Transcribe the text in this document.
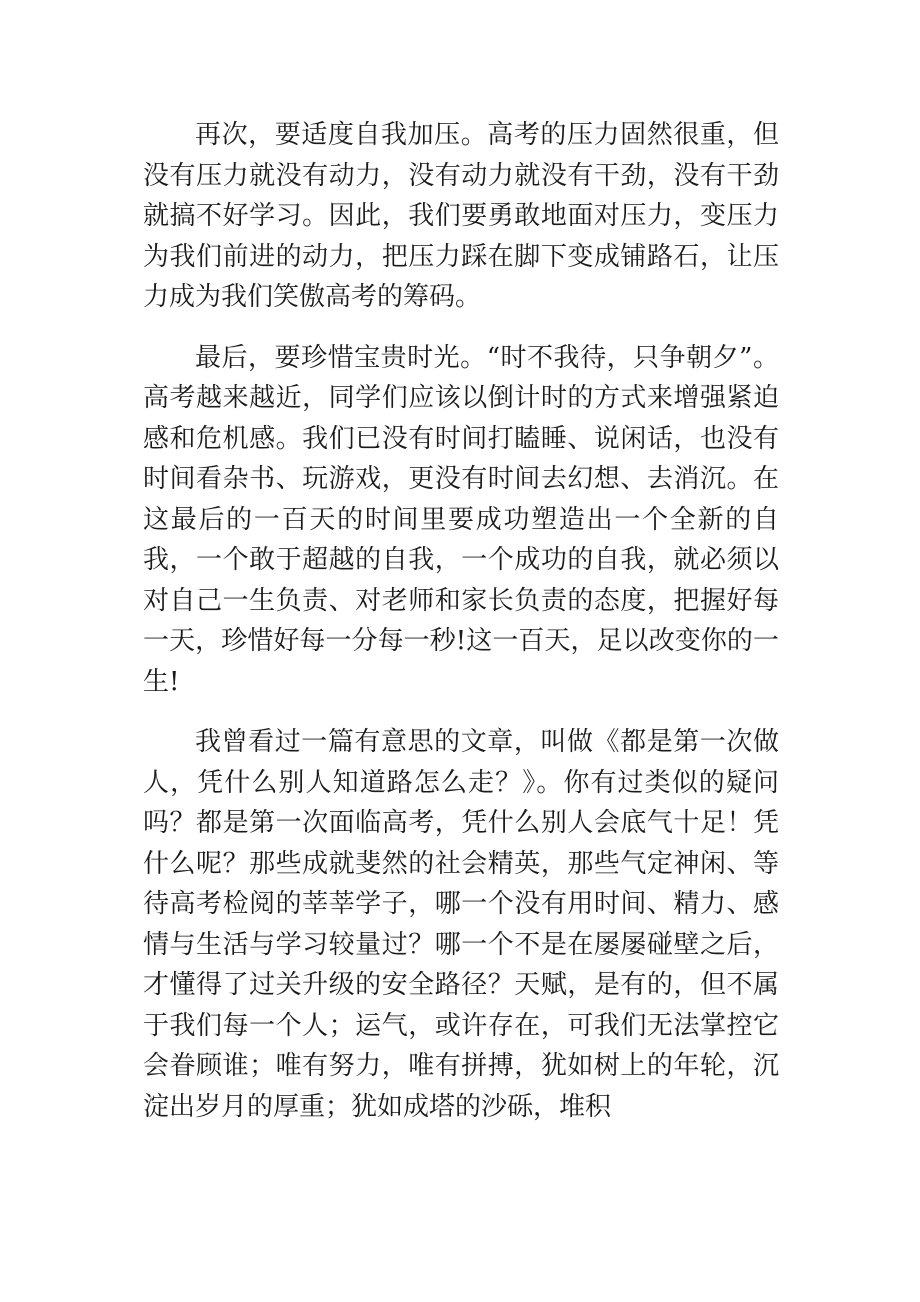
再次，要适度自我加压。高考的压力固然很重，但没有压力就没有动力，没有动力就没有干劲，没有干劲就搞不好学习。因此，我们要勇敢地面对压力，变压力为我们前进的动力，把压力踩在脚下变成铺路石，让压力成为我们笑傲高考的筹码。

最后，要珍惜宝贵时光。“时不我待，只争朝夕”。高考越来越近，同学们应该以倒计时的方式来增强紧迫感和危机感。我们已没有时间打瞌睡、说闲话，也没有时间看杂书、玩游戏，更没有时间去幻想、去消沉。在这最后的一百天的时间里要成功塑造出一个全新的自我，一个敢于超越的自我，一个成功的自我，就必须以对自己一生负责、对老师和家长负责的态度，把握好每一天，珍惜好每一分每一秒!这一百天，足以改变你的一生!

我曾看过一篇有意思的文章，叫做《都是第一次做人，凭什么别人知道路怎么走？》。你有过类似的疑问吗？都是第一次面临高考，凭什么别人会底气十足！凭什么呢？那些成就斐然的社会精英，那些气定神闲、等待高考检阅的莘莘学子，哪一个没有用时间、精力、感情与生活与学习较量过？哪一个不是在屡屡碰壁之后，才懂得了过关升级的安全路径？天赋，是有的，但不属于我们每一个人；运气，或许存在，可我们无法掌控它会眷顾谁；唯有努力，唯有拼搏，犹如树上的年轮，沉淀出岁月的厚重；犹如成塔的沙砾，堆积
